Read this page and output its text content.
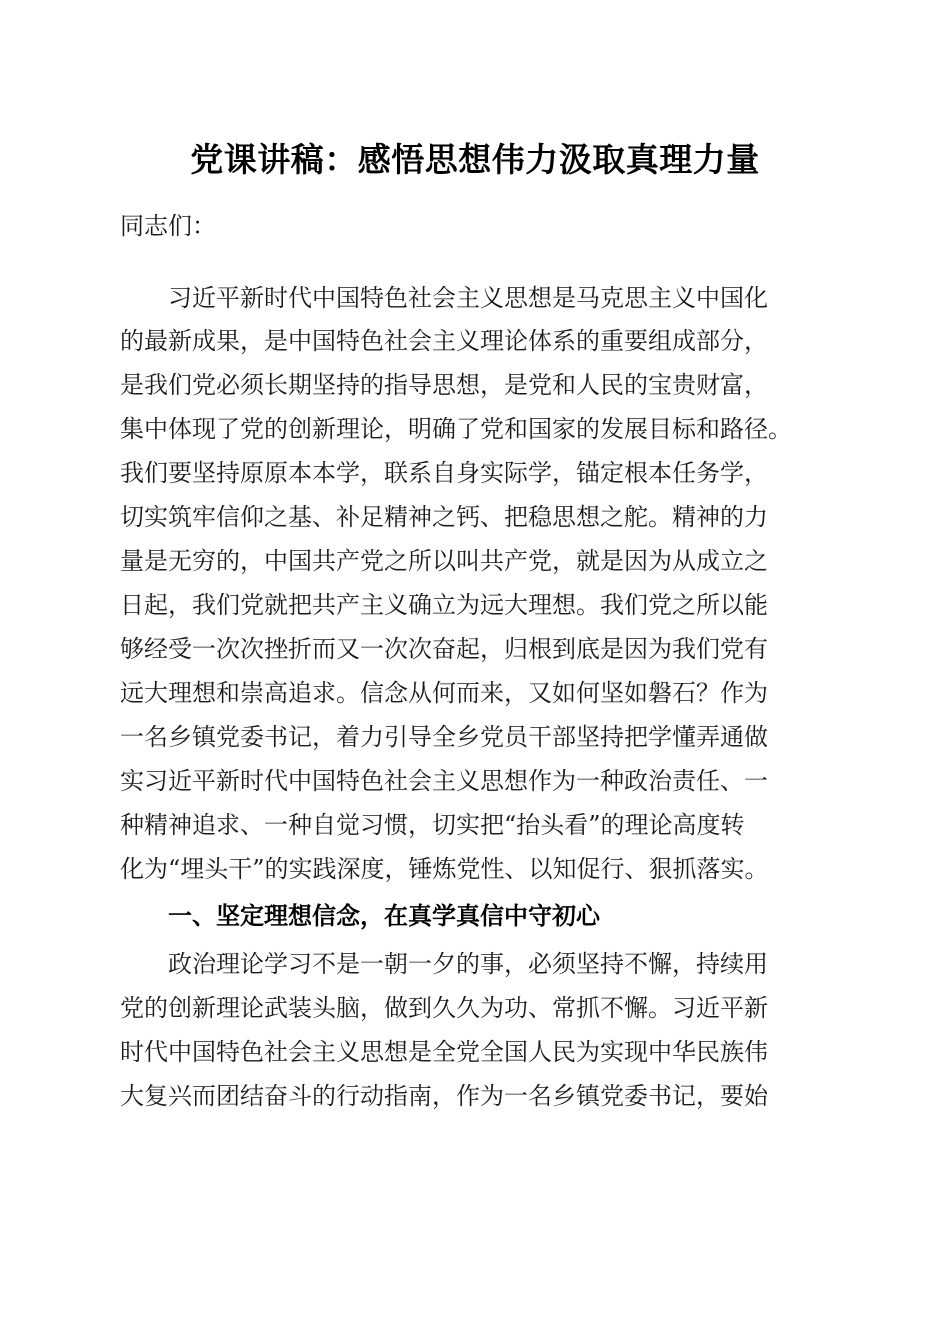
党课讲稿：感悟思想伟力汲取真理力量
同志们：
习近平新时代中国特色社会主义思想是马克思主义中国化
的最新成果，是中国特色社会主义理论体系的重要组成部分，
是我们党必须长期坚持的指导思想，是党和人民的宝贵财富，
集中体现了党的创新理论，明确了党和国家的发展目标和路径。
我们要坚持原原本本学，联系自身实际学，锚定根本任务学，
切实筑牢信仰之基、补足精神之钙、把稳思想之舵。精神的力
量是无穷的，中国共产党之所以叫共产党，就是因为从成立之
日起，我们党就把共产主义确立为远大理想。我们党之所以能
够经受一次次挫折而又一次次奋起，归根到底是因为我们党有
远大理想和崇高追求。信念从何而来，又如何坚如磐石？作为
一名乡镇党委书记，着力引导全乡党员干部坚持把学懂弄通做
实习近平新时代中国特色社会主义思想作为一种政治责任、一
种精神追求、一种自觉习惯，切实把“抬头看”的理论高度转
化为“埋头干”的实践深度，锤炼党性、以知促行、狠抓落实。
一、坚定理想信念，在真学真信中守初心
政治理论学习不是一朝一夕的事，必须坚持不懈，持续用
党的创新理论武装头脑，做到久久为功、常抓不懈。习近平新
时代中国特色社会主义思想是全党全国人民为实现中华民族伟
大复兴而团结奋斗的行动指南，作为一名乡镇党委书记，要始
